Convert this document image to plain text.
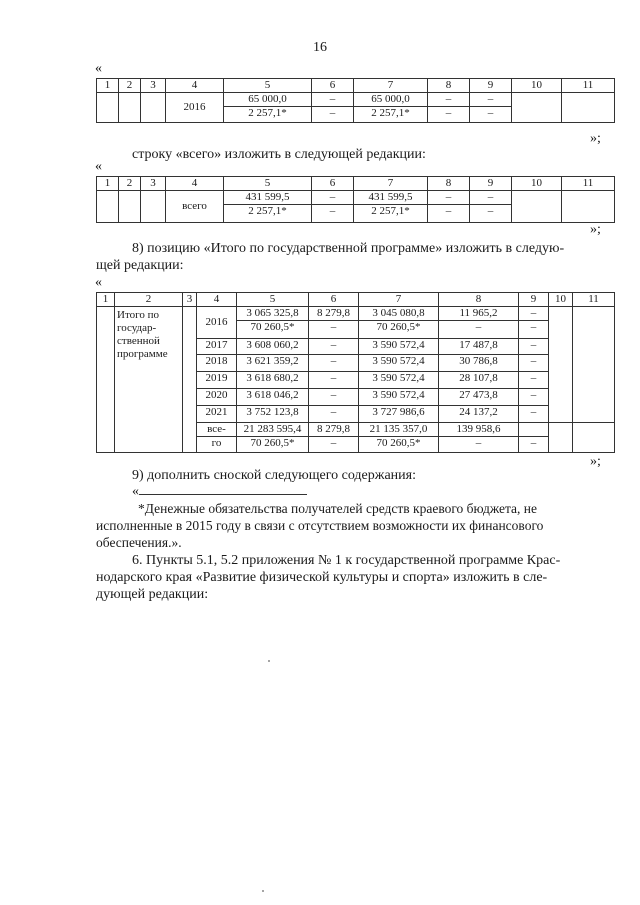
16
«
1	2	3	4	5	6	7	8	9	10	11
			2016	65 000,0	–	65 000,0	–	–		
				2 257,1*	–	2 257,1*	–	–		
»;
строку «всего» изложить в следующей редакции:
«
1	2	3	4	5	6	7	8	9	10	11
			всего	431 599,5	–	431 599,5	–	–		
				2 257,1*	–	2 257,1*	–	–		
»;
8) позицию «Итого по государственной программе» изложить в следую-
щей редакции:
«
1	2	3	4	5	6	7	8	9	10	11
	Итого по государ-ственной программе		2016	3 065 325,8	8 279,8	3 045 080,8	11 965,2	–		
				70 260,5*	–	70 260,5*	–	–		
			2017	3 608 060,2	–	3 590 572,4	17 487,8	–		
			2018	3 621 359,2	–	3 590 572,4	30 786,8	–		
			2019	3 618 680,2	–	3 590 572,4	28 107,8	–		
			2020	3 618 046,2	–	3 590 572,4	27 473,8	–		
			2021	3 752 123,8	–	3 727 986,6	24 137,2	–		
			все-	21 283 595,4	8 279,8	21 135 357,0	139 958,6			
			го	70 260,5*	–	70 260,5*	–	–		
»;
9) дополнить сноской следующего содержания:
«
*Денежные обязательства получателей средств краевого бюджета, не
исполненные в 2015 году в связи с отсутствием возможности их финансового
обеспечения.».
6. Пункты 5.1, 5.2 приложения № 1 к государственной программе Крас-
нодарского края «Развитие физической культуры и спорта» изложить в сле-
дующей редакции:
